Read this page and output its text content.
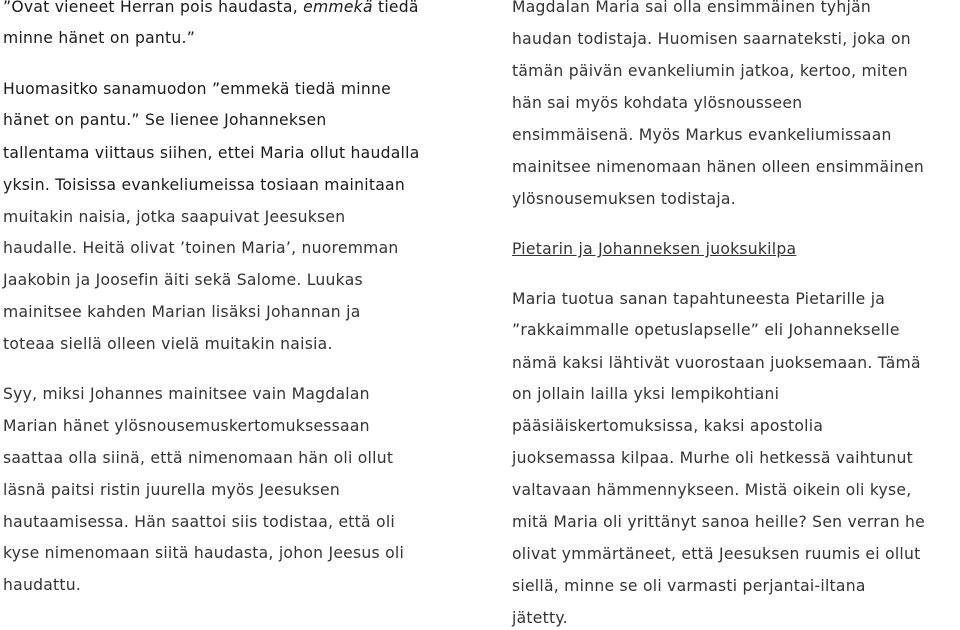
”Ovat vieneet Herran pois haudasta, emmekä tiedä
minne hänet on pantu.”
Huomasitko sanamuodon ”emmekä tiedä minne
hänet on pantu.” Se lienee Johanneksen
tallentama viittaus siihen, ettei Maria ollut haudalla
yksin. Toisissa evankeliumeissa tosiaan mainitaan
muitakin naisia, jotka saapuivat Jeesuksen
haudalle. Heitä olivat ’toinen Maria’, nuoremman
Jaakobin ja Joosefin äiti sekä Salome. Luukas
mainitsee kahden Marian lisäksi Johannan ja
toteaa siellä olleen vielä muitakin naisia.
Syy, miksi Johannes mainitsee vain Magdalan
Marian hänet ylösnousemuskertomuksessaan
saattaa olla siinä, että nimenomaan hän oli ollut
läsnä paitsi ristin juurella myös Jeesuksen
hautaamisessa. Hän saattoi siis todistaa, että oli
kyse nimenomaan siitä haudasta, johon Jeesus oli
haudattu.
Magdalan Maria sai olla ensimmäinen tyhjän
haudan todistaja. Huomisen saarnateksti, joka on
tämän päivän evankeliumin jatkoa, kertoo, miten
hän sai myös kohdata ylösnousseen
ensimmäisenä. Myös Markus evankeliumissaan
mainitsee nimenomaan hänen olleen ensimmäinen
ylösnousemuksen todistaja.
Pietarin ja Johanneksen juoksukilpa
Maria tuotua sanan tapahtuneesta Pietarille ja
”rakkaimmalle opetuslapselle” eli Johannekselle
nämä kaksi lähtivät vuorostaan juoksemaan. Tämä
on jollain lailla yksi lempikohtiani
pääsiäiskertomuksissa, kaksi apostolia
juoksemassa kilpaa. Murhe oli hetkessä vaihtunut
valtavaan hämmennykseen. Mistä oikein oli kyse,
mitä Maria oli yrittänyt sanoa heille? Sen verran he
olivat ymmärtäneet, että Jeesuksen ruumis ei ollut
siellä, minne se oli varmasti perjantai-iltana
jätetty.
